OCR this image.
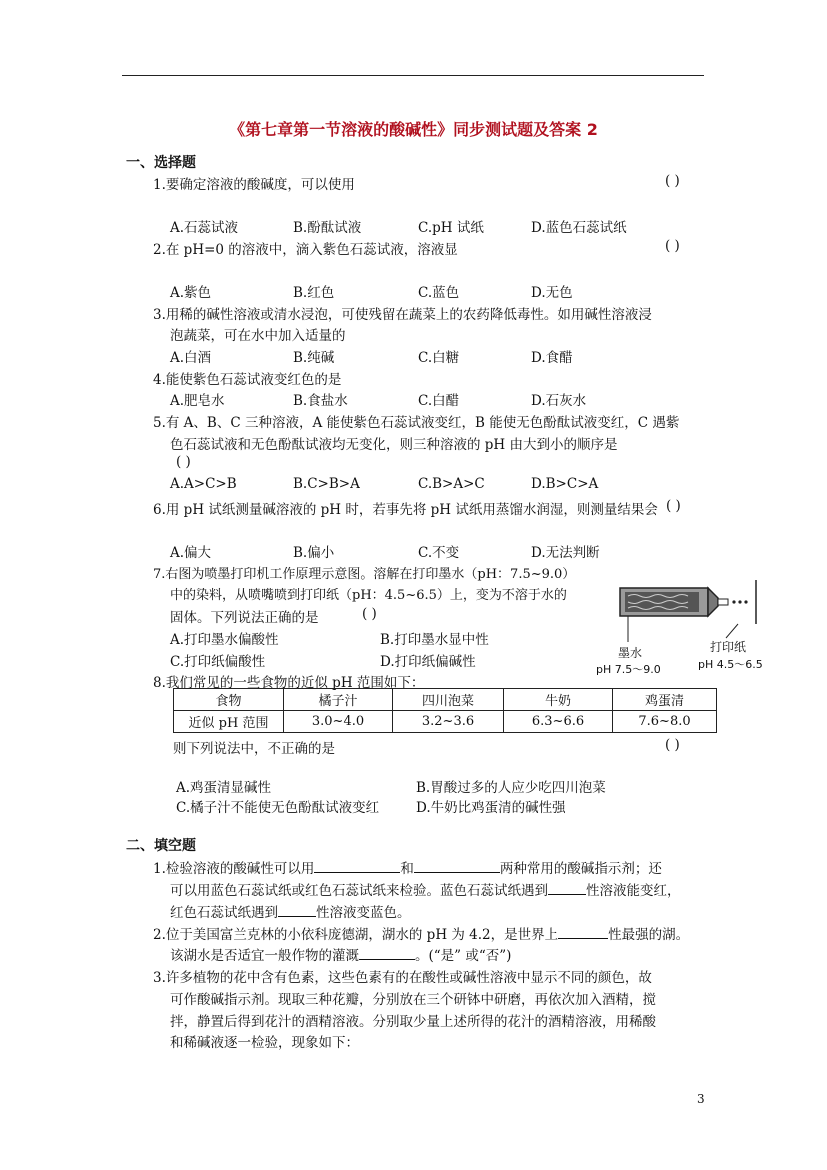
《第七章第一节溶液的酸碱性》同步测试题及答案 2
一、选择题
1.要确定溶液的酸碱度，可以使用	( )
A.石蕊试液	B.酚酞试液	C.pH 试纸	D.蓝色石蕊试纸
2.在 pH=0 的溶液中，滴入紫色石蕊试液，溶液显	( )
A.紫色	B.红色	C.蓝色	D.无色
3.用稀的碱性溶液或清水浸泡，可使残留在蔬菜上的农药降低毒性。如用碱性溶液浸
泡蔬菜，可在水中加入适量的
A.白酒	B.纯碱	C.白糖	D.食醋
4.能使紫色石蕊试液变红色的是
A.肥皂水	B.食盐水	C.白醋	D.石灰水
5.有 A、B、C 三种溶液，A 能使紫色石蕊试液变红，B 能使无色酚酞试液变红，C 遇紫
色石蕊试液和无色酚酞试液均无变化，则三种溶液的 pH 由大到小的顺序是
( )
A.A>C>B	B.C>B>A	C.B>A>C	D.B>C>A
6.用 pH 试纸测量碱溶液的 pH 时，若事先将 pH 试纸用蒸馏水润湿，则测量结果会 ( )
A.偏大	B.偏小	C.不变	D.无法判断
7.右图为喷墨打印机工作原理示意图。溶解在打印墨水（pH：7.5~9.0）
中的染料，从喷嘴喷到打印纸（pH：4.5~6.5）上，变为不溶于水的
固体。下列说法正确的是	( )
A.打印墨水偏酸性	B.打印墨水显中性
C.打印纸偏酸性	D.打印纸偏碱性
墨水
pH 7.5～9.0
打印纸
pH 4.5～6.5
8.我们常见的一些食物的近似 pH 范围如下：
食物	橘子汁	四川泡菜	牛奶	鸡蛋清
近似 pH 范围	3.0~4.0	3.2~3.6	6.3~6.6	7.6~8.0
则下列说法中，不正确的是	( )
A.鸡蛋清显碱性	B.胃酸过多的人应少吃四川泡菜
C.橘子汁不能使无色酚酞试液变红	D.牛奶比鸡蛋清的碱性强
二、填空题
1.检验溶液的酸碱性可以用	和	两种常用的酸碱指示剂；还
可以用蓝色石蕊试纸或红色石蕊试纸来检验。蓝色石蕊试纸遇到	性溶液能变红，
红色石蕊试纸遇到	性溶液变蓝色。
2.位于美国富兰克林的小依科庞德湖，湖水的 pH 为 4.2，是世界上	性最强的湖。
该湖水是否适宜一般作物的灌溉	。(“是” 或“否”)
3.许多植物的花中含有色素，这些色素有的在酸性或碱性溶液中显示不同的颜色，故
可作酸碱指示剂。现取三种花瓣，分别放在三个研钵中研磨，再依次加入酒精，搅
拌，静置后得到花汁的酒精溶液。分别取少量上述所得的花汁的酒精溶液，用稀酸
和稀碱液逐一检验，现象如下：
3
